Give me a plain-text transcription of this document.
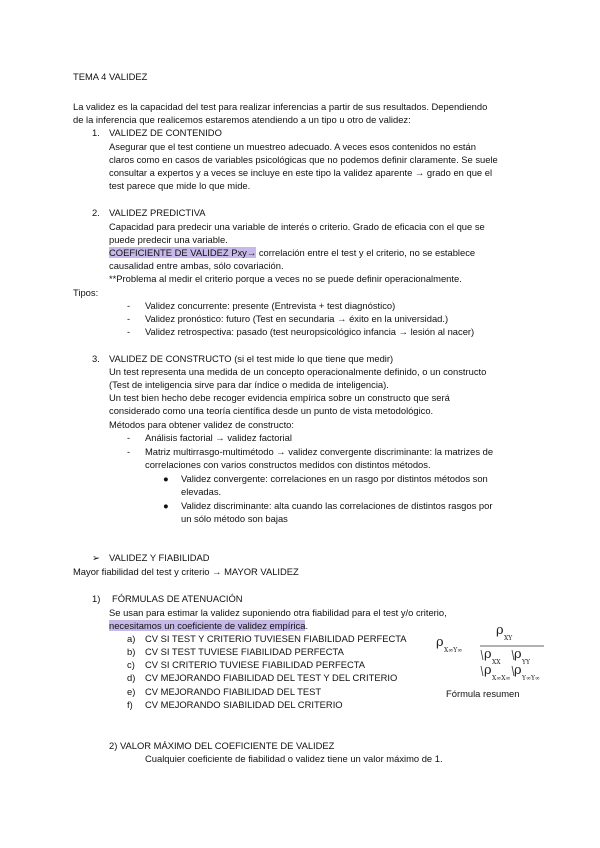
TEMA 4 VALIDEZ
La validez es la capacidad del test para realizar inferencias a partir de sus resultados. Dependiendo
de la inferencia que realicemos estaremos atendiendo a un tipo u otro de validez:
1. VALIDEZ DE CONTENIDO
Asegurar que el test contiene un muestreo adecuado. A veces esos contenidos no están
claros como en casos de variables psicológicas que no podemos definir claramente. Se suele
consultar a expertos y a veces se incluye en este tipo la validez aparente → grado en que el
test parece que mide lo que mide.
2. VALIDEZ PREDICTIVA
Capacidad para predecir una variable de interés o criterio. Grado de eficacia con el que se
puede predecir una variable.
COEFICIENTE DE VALIDEZ Pxy→ correlación entre el test y el criterio, no se establece
causalidad entre ambas, sólo covariación.
**Problema al medir el criterio porque a veces no se puede definir operacionalmente.
Tipos:
- Validez concurrente: presente (Entrevista + test diagnóstico)
- Validez pronóstico: futuro (Test en secundaria → éxito en la universidad.)
- Validez retrospectiva: pasado (test neuropsicológico infancia → lesión al nacer)
3. VALIDEZ DE CONSTRUCTO (si el test mide lo que tiene que medir)
Un test representa una medida de un concepto operacionalmente definido, o un constructo
(Test de inteligencia sirve para dar índice o medida de inteligencia).
Un test bien hecho debe recoger evidencia empírica sobre un constructo que será
considerado como una teoría científica desde un punto de vista metodológico.
Métodos para obtener validez de constructo:
- Análisis factorial → validez factorial
- Matriz multirrasgo-multimétodo → validez convergente discriminante: la matrizes de
correlaciones con varios constructos medidos con distintos métodos.
● Validez convergente: correlaciones en un rasgo por distintos métodos son
elevadas.
● Validez discriminante: alta cuando las correlaciones de distintos rasgos por
un sólo método son bajas
➢ VALIDEZ Y FIABILIDAD
Mayor fiabilidad del test y criterio → MAYOR VALIDEZ
1) FÓRMULAS DE ATENUACIÓN
Se usan para estimar la validez suponiendo otra fiabilidad para el test y/o criterio,
necesitamos un coeficiente de validez empírica.
a) CV SI TEST Y CRITERIO TUVIESEN FIABILIDAD PERFECTA
b) CV SI TEST TUVIESE FIABILIDAD PERFECTA
c) CV SI CRITERIO TUVIESE FIABILIDAD PERFECTA
d) CV MEJORANDO FIABILIDAD DEL TEST Y DEL CRITERIO
e) CV MEJORANDO FIABILIDAD DEL TEST
f) CV MEJORANDO SIABILIDAD DEL CRITERIO
ρ
X∞Y∞
ρ
XY
ρ
XX
ρ
YY
ρ
X∞X∞
ρ
Y∞Y∞
Fórmula resumen
2) VALOR MÁXIMO DEL COEFICIENTE DE VALIDEZ
Cualquier coeficiente de fiabilidad o validez tiene un valor máximo de 1.
